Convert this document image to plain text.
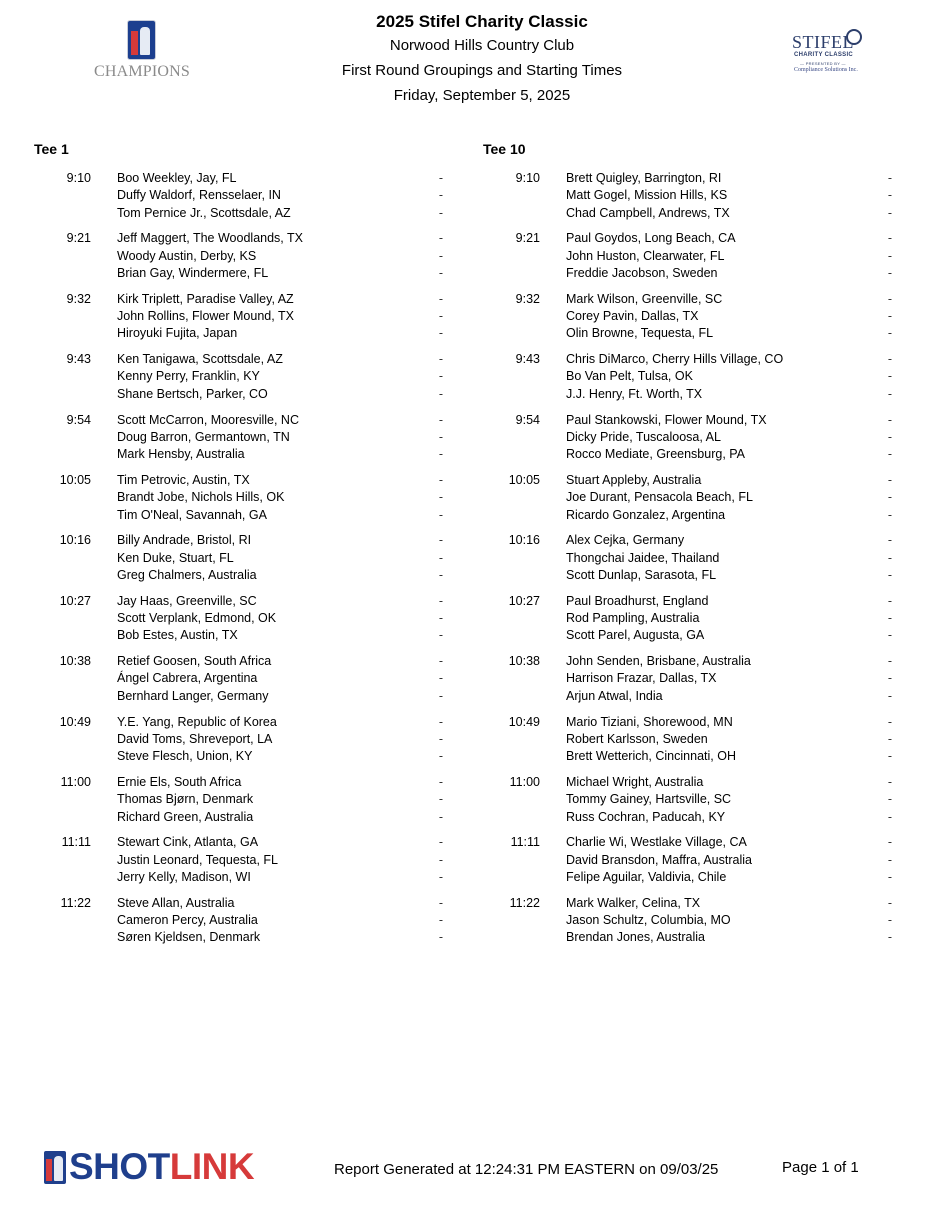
CHAMPIONS
STIFEL
CHARITY CLASSIC
— PRESENTED BY —
Compliance Solutions Inc.
2025 Stifel Charity Classic
Norwood Hills Country Club
First Round Groupings and Starting Times
Friday, September 5, 2025
Tee 1
9:10 Boo Weekley, Jay, FL	-
Duffy Waldorf, Rensselaer, IN	-
Tom Pernice Jr., Scottsdale, AZ	-
9:21 Jeff Maggert, The Woodlands, TX	-
Woody Austin, Derby, KS	-
Brian Gay, Windermere, FL	-
9:32 Kirk Triplett, Paradise Valley, AZ	-
John Rollins, Flower Mound, TX	-
Hiroyuki Fujita, Japan	-
9:43 Ken Tanigawa, Scottsdale, AZ	-
Kenny Perry, Franklin, KY	-
Shane Bertsch, Parker, CO	-
9:54 Scott McCarron, Mooresville, NC	-
Doug Barron, Germantown, TN	-
Mark Hensby, Australia	-
10:05 Tim Petrovic, Austin, TX	-
Brandt Jobe, Nichols Hills, OK	-
Tim O'Neal, Savannah, GA	-
10:16 Billy Andrade, Bristol, RI	-
Ken Duke, Stuart, FL	-
Greg Chalmers, Australia	-
10:27 Jay Haas, Greenville, SC	-
Scott Verplank, Edmond, OK	-
Bob Estes, Austin, TX	-
10:38 Retief Goosen, South Africa	-
Ángel Cabrera, Argentina	-
Bernhard Langer, Germany	-
10:49 Y.E. Yang, Republic of Korea	-
David Toms, Shreveport, LA	-
Steve Flesch, Union, KY	-
11:00 Ernie Els, South Africa	-
Thomas Bjørn, Denmark	-
Richard Green, Australia	-
11:11 Stewart Cink, Atlanta, GA	-
Justin Leonard, Tequesta, FL	-
Jerry Kelly, Madison, WI	-
11:22 Steve Allan, Australia	-
Cameron Percy, Australia	-
Søren Kjeldsen, Denmark	-
Tee 10
9:10 Brett Quigley, Barrington, RI	-
Matt Gogel, Mission Hills, KS	-
Chad Campbell, Andrews, TX	-
9:21 Paul Goydos, Long Beach, CA	-
John Huston, Clearwater, FL	-
Freddie Jacobson, Sweden	-
9:32 Mark Wilson, Greenville, SC	-
Corey Pavin, Dallas, TX	-
Olin Browne, Tequesta, FL	-
9:43 Chris DiMarco, Cherry Hills Village, CO	-
Bo Van Pelt, Tulsa, OK	-
J.J. Henry, Ft. Worth, TX	-
9:54 Paul Stankowski, Flower Mound, TX	-
Dicky Pride, Tuscaloosa, AL	-
Rocco Mediate, Greensburg, PA	-
10:05 Stuart Appleby, Australia	-
Joe Durant, Pensacola Beach, FL	-
Ricardo Gonzalez, Argentina	-
10:16 Alex Cejka, Germany	-
Thongchai Jaidee, Thailand	-
Scott Dunlap, Sarasota, FL	-
10:27 Paul Broadhurst, England	-
Rod Pampling, Australia	-
Scott Parel, Augusta, GA	-
10:38 John Senden, Brisbane, Australia	-
Harrison Frazar, Dallas, TX	-
Arjun Atwal, India	-
10:49 Mario Tiziani, Shorewood, MN	-
Robert Karlsson, Sweden	-
Brett Wetterich, Cincinnati, OH	-
11:00 Michael Wright, Australia	-
Tommy Gainey, Hartsville, SC	-
Russ Cochran, Paducah, KY	-
11:11 Charlie Wi, Westlake Village, CA	-
David Bransdon, Maffra, Australia	-
Felipe Aguilar, Valdivia, Chile	-
11:22 Mark Walker, Celina, TX	-
Jason Schultz, Columbia, MO	-
Brendan Jones, Australia	-
SHOTLINK	Report Generated at 12:24:31 PM EASTERN on 09/03/25	Page 1 of 1
